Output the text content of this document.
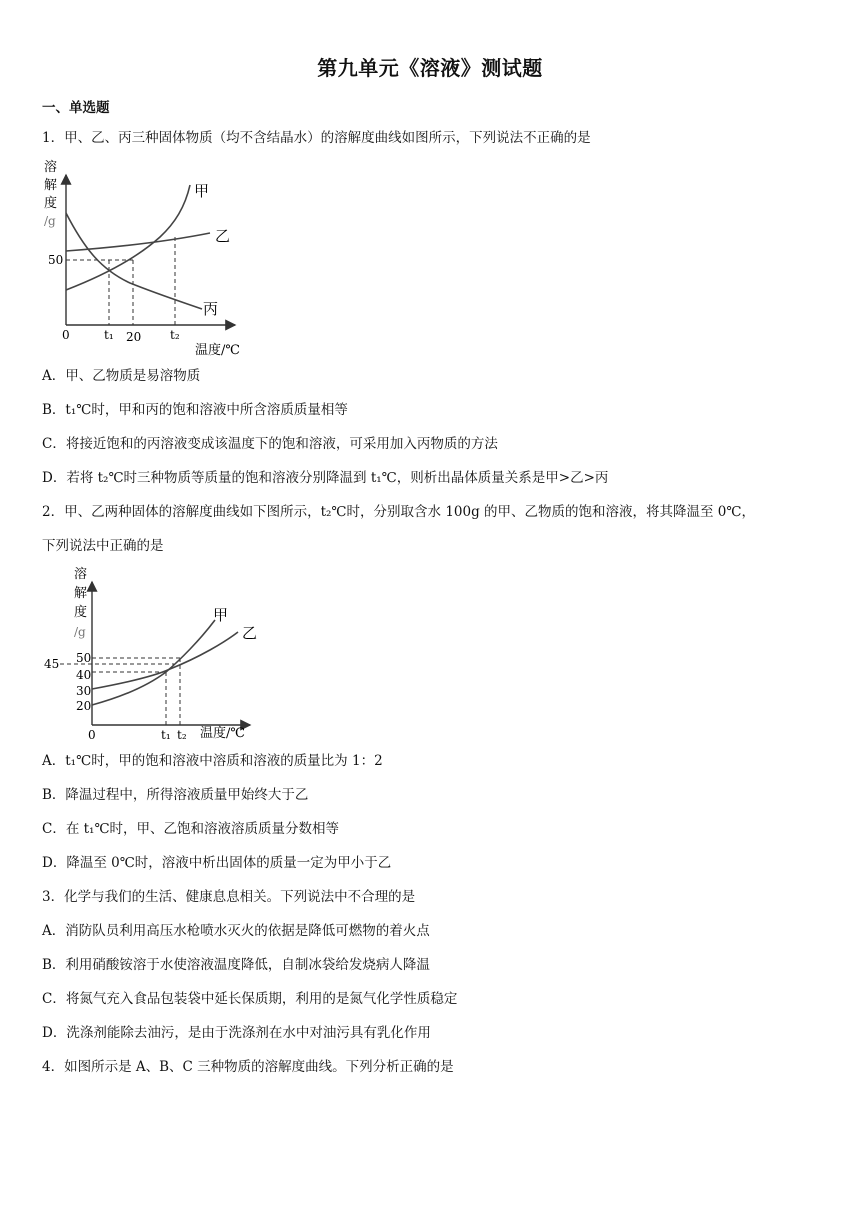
第九单元《溶液》测试题
一、单选题
1．甲、乙、丙三种固体物质（均不含结晶水）的溶解度曲线如图所示，下列说法不正确的是
溶
解
度
/g
50
0	t₁ 20 t₂
温度/℃
甲
乙
丙
A．甲、乙物质是易溶物质
B．t₁℃时，甲和丙的饱和溶液中所含溶质质量相等
C．将接近饱和的丙溶液变成该温度下的饱和溶液，可采用加入丙物质的方法
D．若将 t₂℃时三种物质等质量的饱和溶液分别降温到 t₁℃，则析出晶体质量关系是甲>乙>丙
2．甲、乙两种固体的溶解度曲线如下图所示，t₂℃时，分别取含水 100g 的甲、乙物质的饱和溶液，将其降温至 0℃，
下列说法中正确的是
溶
解
度
/g
50
45
40
30
20
0	t₁ t₂ 温度/℃
甲
乙
A．t₁℃时，甲的饱和溶液中溶质和溶液的质量比为 1：2
B．降温过程中，所得溶液质量甲始终大于乙
C．在 t₁℃时，甲、乙饱和溶液溶质质量分数相等
D．降温至 0℃时，溶液中析出固体的质量一定为甲小于乙
3．化学与我们的生活、健康息息相关。下列说法中不合理的是
A．消防队员利用高压水枪喷水灭火的依据是降低可燃物的着火点
B．利用硝酸铵溶于水使溶液温度降低，自制冰袋给发烧病人降温
C．将氮气充入食品包装袋中延长保质期，利用的是氮气化学性质稳定
D．洗涤剂能除去油污，是由于洗涤剂在水中对油污具有乳化作用
4．如图所示是 A、B、C 三种物质的溶解度曲线。下列分析正确的是
